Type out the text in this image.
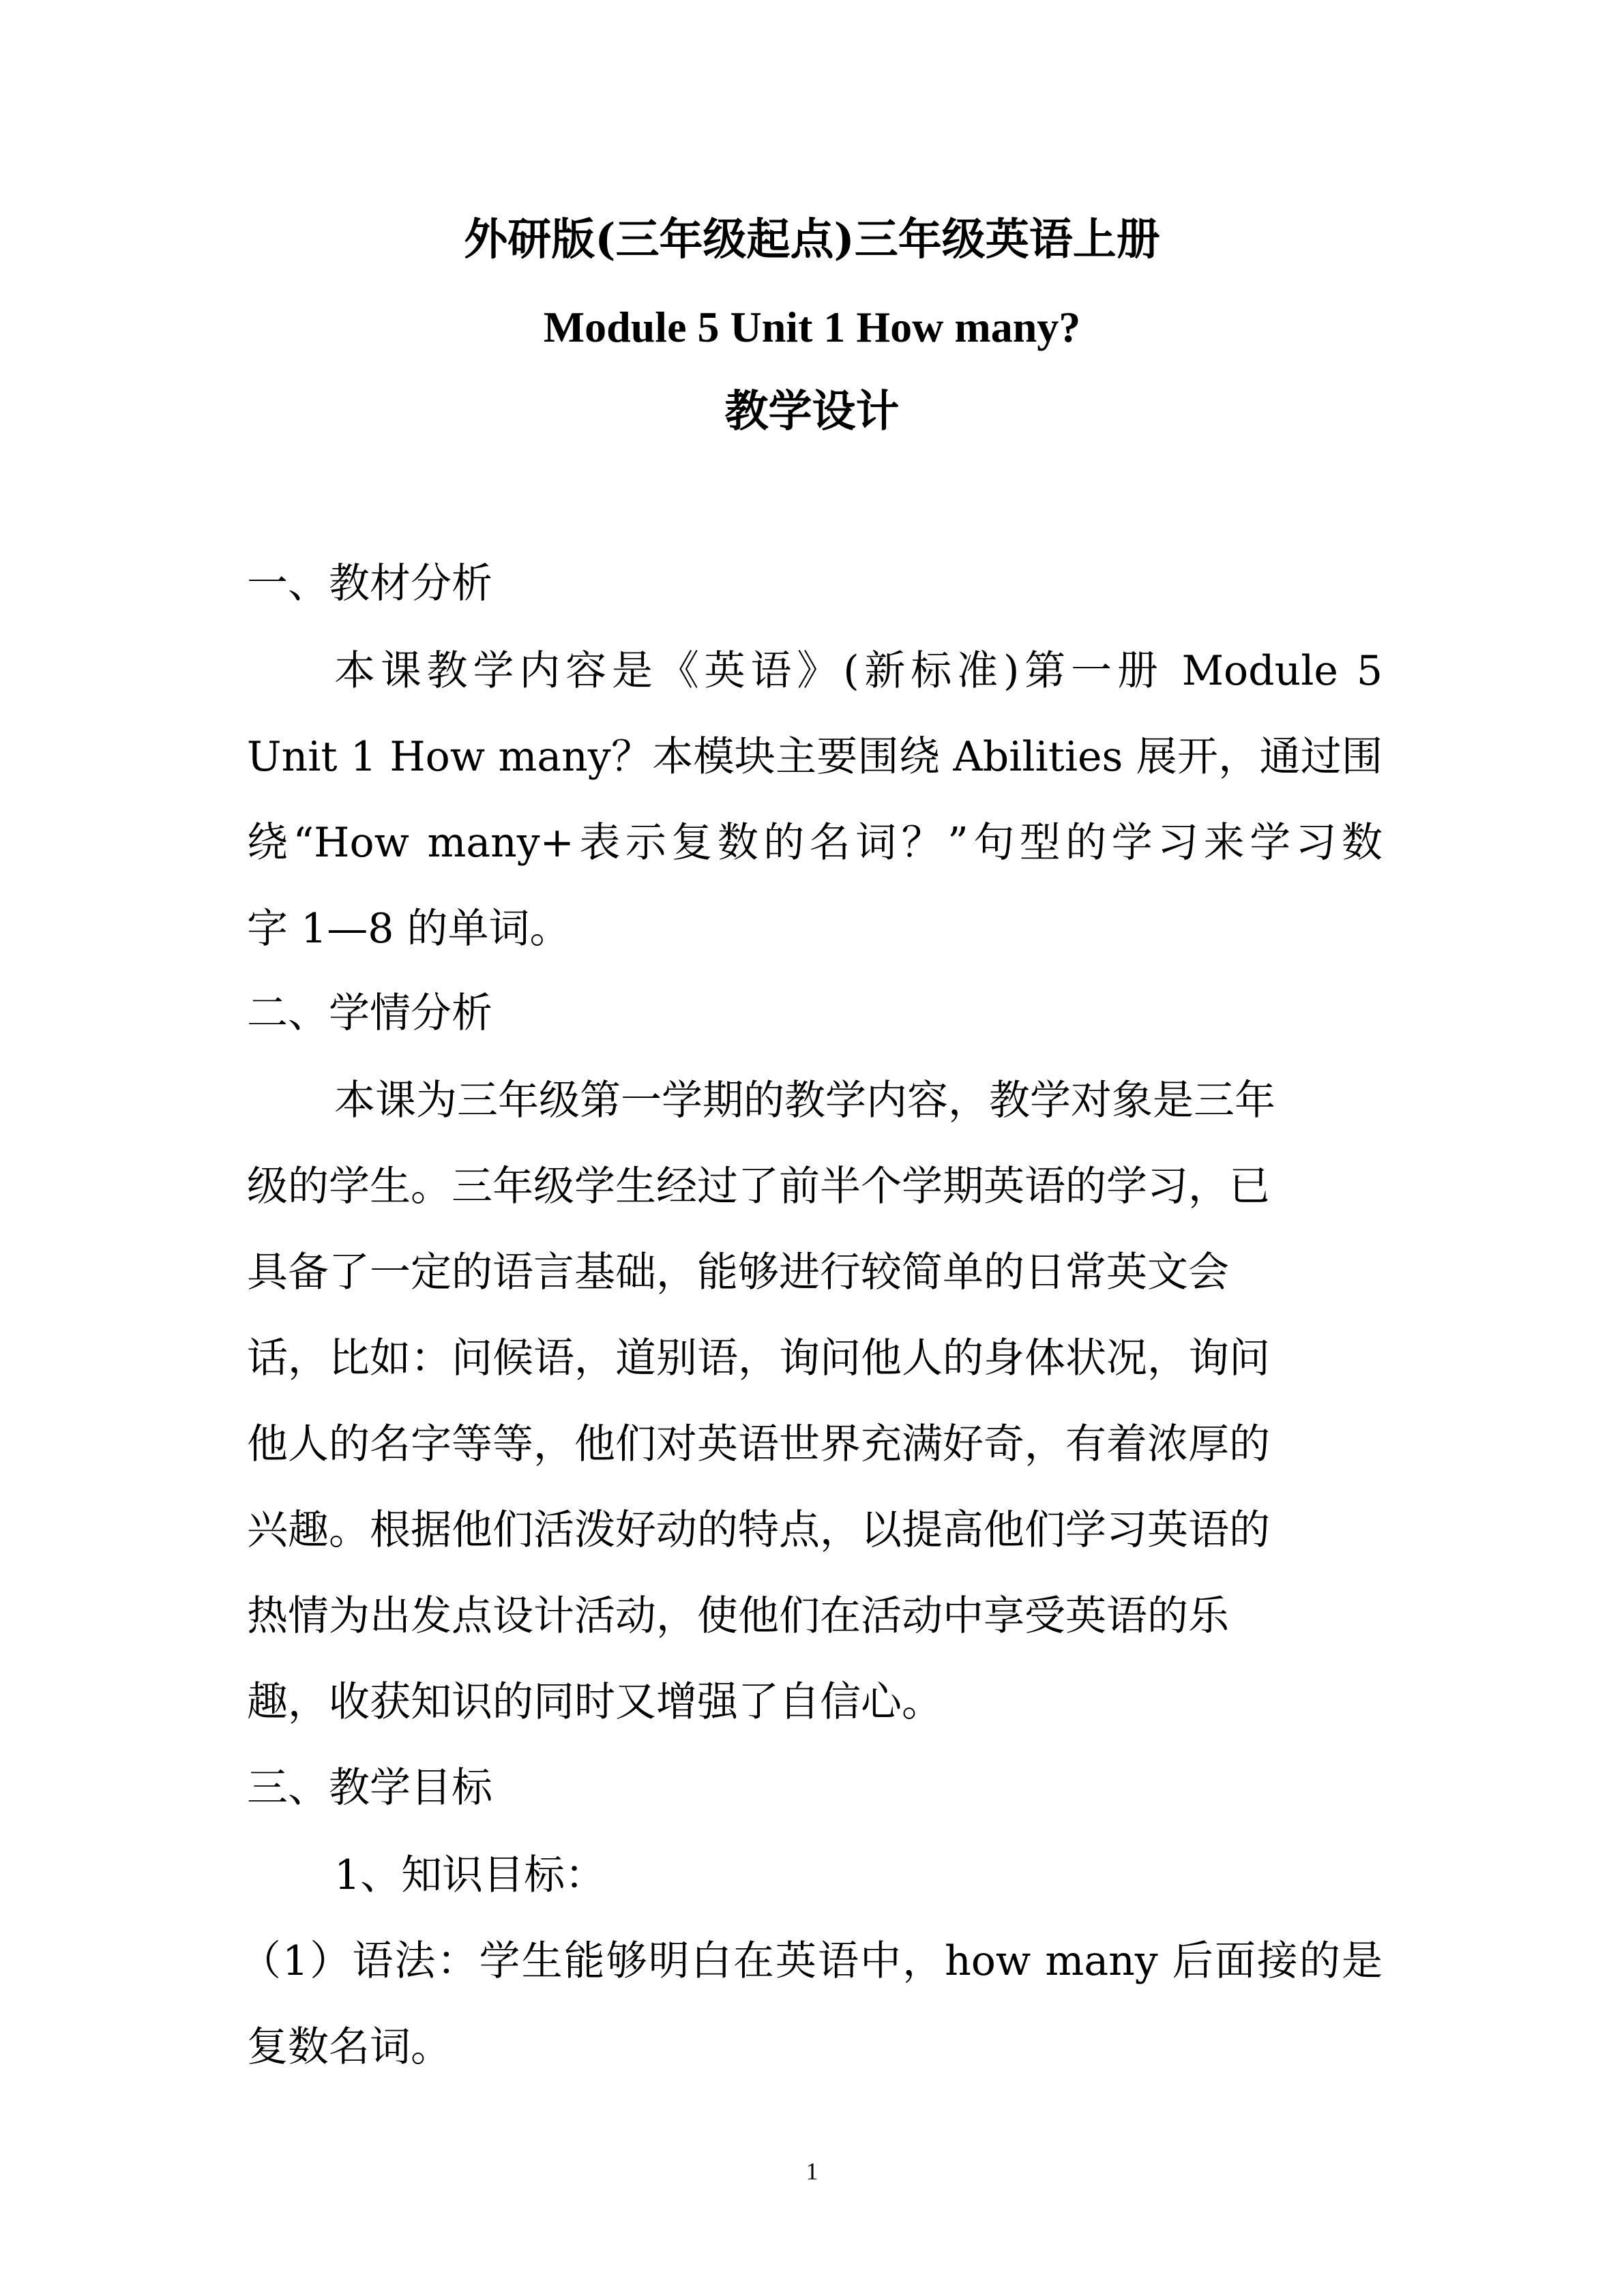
外研版(三年级起点)三年级英语上册
Module 5 Unit 1 How many?
教学设计
一、教材分析
本课教学内容是《英语》(新标准)第一册 Module 5
Unit 1 How many？本模块主要围绕 Abilities 展开，通过围
绕“How many+表示复数的名词？”句型的学习来学习数
字 1—8 的单词。
二、学情分析
本课为三年级第一学期的教学内容，教学对象是三年
级的学生。三年级学生经过了前半个学期英语的学习，已
具备了一定的语言基础，能够进行较简单的日常英文会
话，比如：问候语，道别语，询问他人的身体状况，询问
他人的名字等等，他们对英语世界充满好奇，有着浓厚的
兴趣。根据他们活泼好动的特点，以提高他们学习英语的
热情为出发点设计活动，使他们在活动中享受英语的乐
趣，收获知识的同时又增强了自信心。
三、教学目标
1、知识目标：
（1）语法：学生能够明白在英语中，how many 后面接的是
复数名词。
1
